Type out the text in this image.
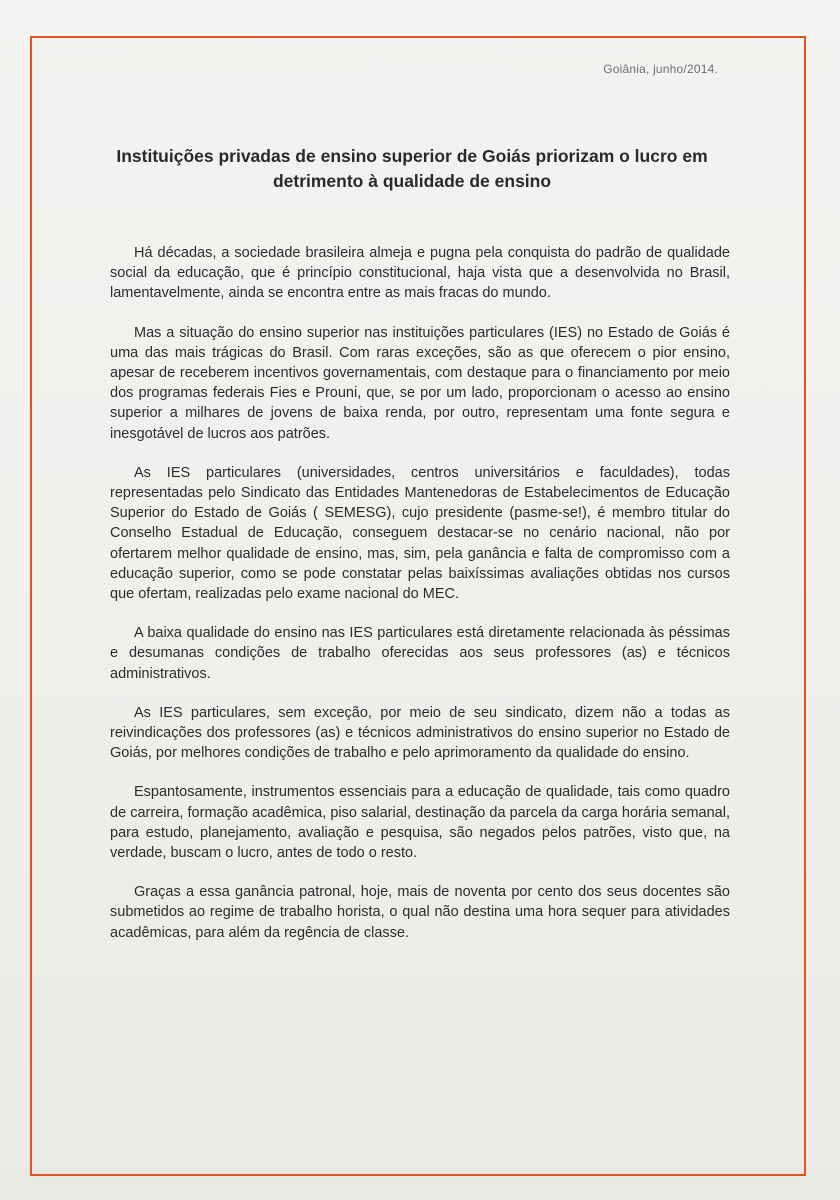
Goiânia, junho/2014.
Instituições privadas de ensino superior de Goiás priorizam o lucro em detrimento à qualidade de ensino

Há décadas, a sociedade brasileira almeja e pugna pela conquista do padrão de qualidade social da educação, que é princípio constitucional, haja vista que a desenvolvida no Brasil, lamentavelmente, ainda se encontra entre as mais fracas do mundo.

Mas a situação do ensino superior nas instituições particulares (IES) no Estado de Goiás é uma das mais trágicas do Brasil. Com raras exceções, são as que oferecem o pior ensino, apesar de receberem incentivos governamentais, com destaque para o financiamento por meio dos programas federais Fies e Prouni, que, se por um lado, proporcionam o acesso ao ensino superior a milhares de jovens de baixa renda, por outro, representam uma fonte segura e inesgotável de lucros aos patrões.

As IES particulares (universidades, centros universitários e faculdades), todas representadas pelo Sindicato das Entidades Mantenedoras de Estabelecimentos de Educação Superior do Estado de Goiás ( SEMESG), cujo presidente (pasme-se!), é membro titular do Conselho Estadual de Educação, conseguem destacar-se no cenário nacional, não por ofertarem melhor qualidade de ensino, mas, sim, pela ganância e falta de compromisso com a educação superior, como se pode constatar pelas baixíssimas avaliações obtidas nos cursos que ofertam, realizadas pelo exame nacional do MEC.

A baixa qualidade do ensino nas IES particulares está diretamente relacionada às péssimas e desumanas condições de trabalho oferecidas aos seus professores (as) e técnicos administrativos.

As IES particulares, sem exceção, por meio de seu sindicato, dizem não a todas as reivindicações dos professores (as) e técnicos administrativos do ensino superior no Estado de Goiás, por melhores condições de trabalho e pelo aprimoramento da qualidade do ensino.

Espantosamente, instrumentos essenciais para a educação de qualidade, tais como quadro de carreira, formação acadêmica, piso salarial, destinação da parcela da carga horária semanal, para estudo, planejamento, avaliação e pesquisa, são negados pelos patrões, visto que, na verdade, buscam o lucro, antes de todo o resto.

Graças a essa ganância patronal, hoje, mais de noventa por cento dos seus docentes são submetidos ao regime de trabalho horista, o qual não destina uma hora sequer para atividades acadêmicas, para além da regência de classe.
